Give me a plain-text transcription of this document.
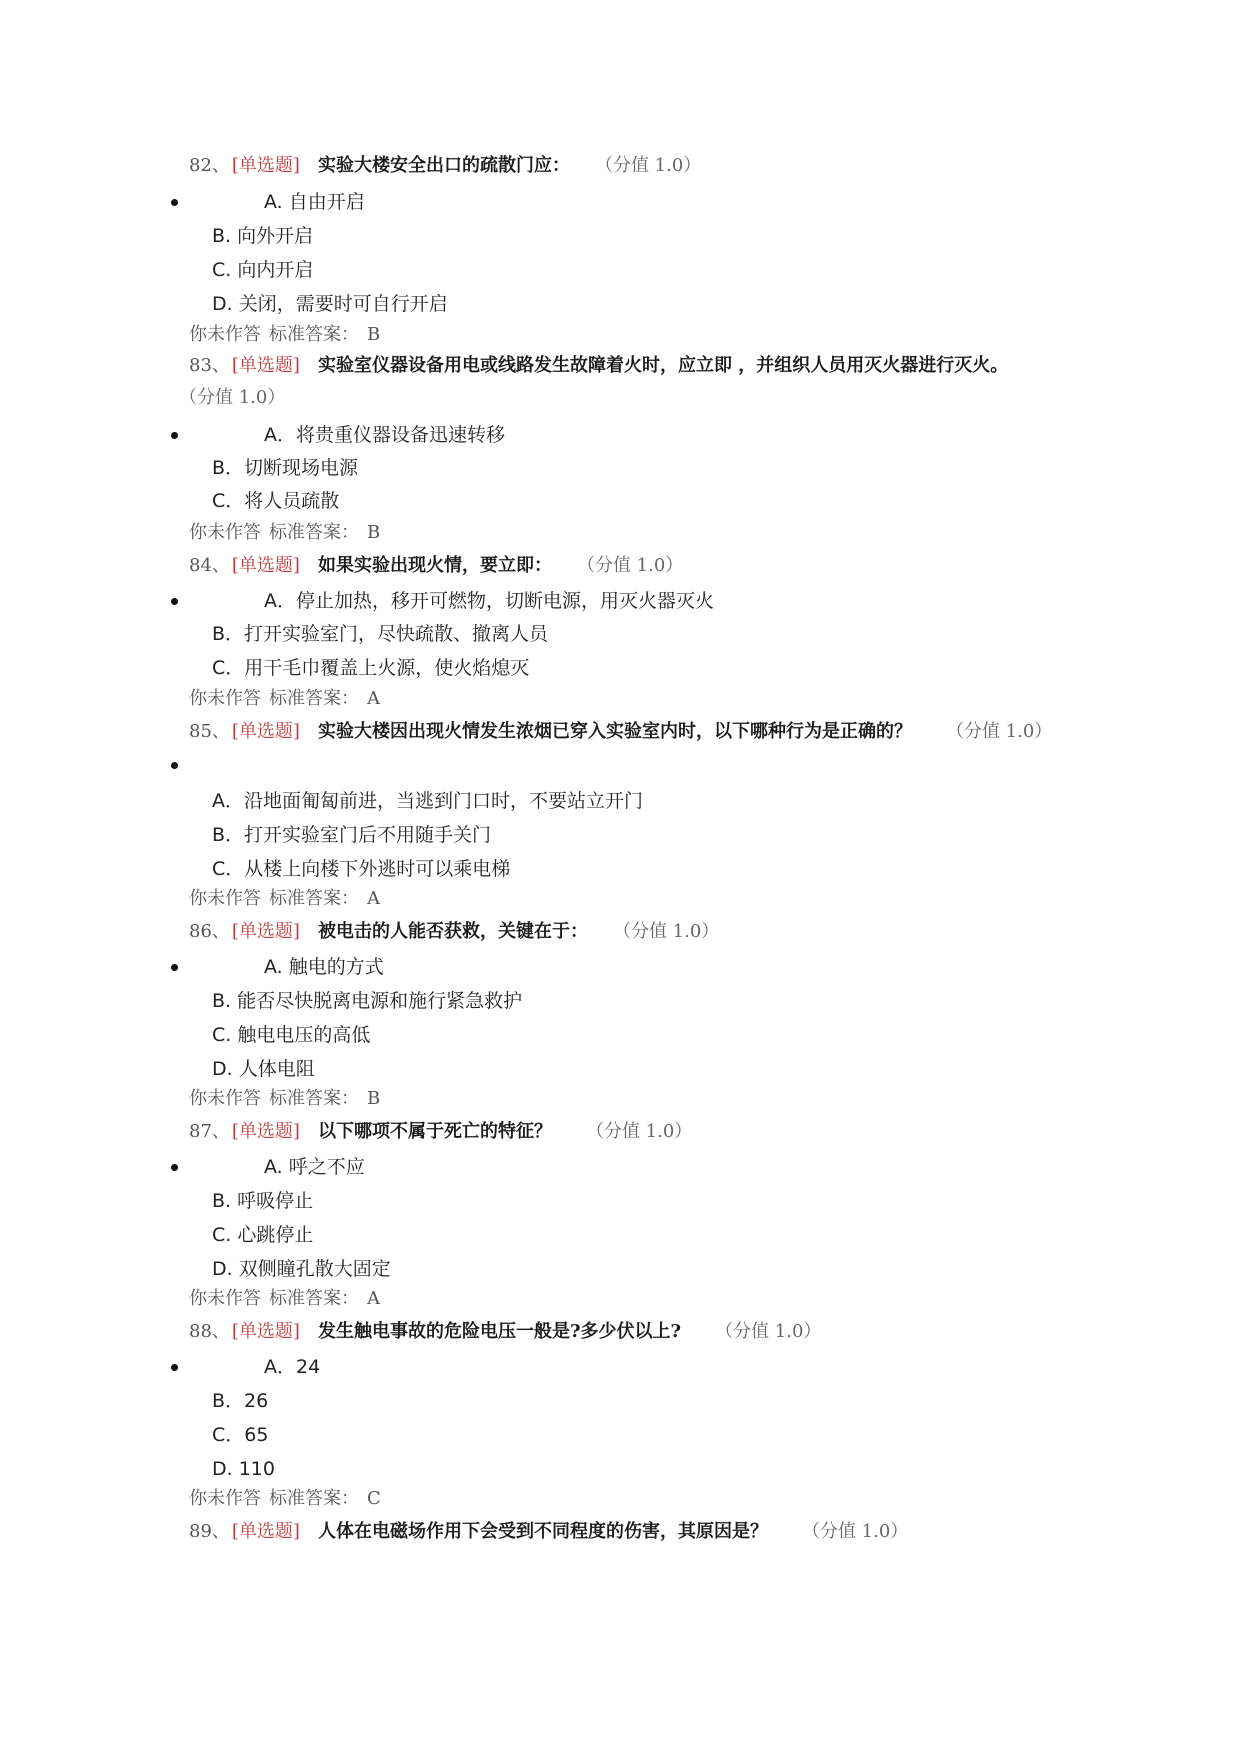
82、 [单选题] 实验大楼安全出口的疏散门应： （分值 1.0）
A. 自由开启
B. 向外开启
C. 向内开启
D. 关闭，需要时可自行开启
你未作答 标准答案： B
83、 [单选题] 实验室仪器设备用电或线路发生故障着火时，应立即 ，并组织人员用灭火器进行灭火。
（分值 1.0）
A．将贵重仪器设备迅速转移
B．切断现场电源
C．将人员疏散
你未作答 标准答案： B
84、 [单选题] 如果实验出现火情，要立即： （分值 1.0）
A．停止加热，移开可燃物，切断电源，用灭火器灭火
B．打开实验室门，尽快疏散、撤离人员
C．用干毛巾覆盖上火源，使火焰熄灭
你未作答 标准答案： A
85、 [单选题] 实验大楼因出现火情发生浓烟已穿入实验室内时，以下哪种行为是正确的？ （分值 1.0）
A．沿地面匍匐前进，当逃到门口时，不要站立开门
B．打开实验室门后不用随手关门
C．从楼上向楼下外逃时可以乘电梯
你未作答 标准答案： A
86、 [单选题] 被电击的人能否获救，关键在于： （分值 1.0）
A. 触电的方式
B. 能否尽快脱离电源和施行紧急救护
C. 触电电压的高低
D. 人体电阻
你未作答 标准答案： B
87、 [单选题] 以下哪项不属于死亡的特征？ （分值 1.0）
A. 呼之不应
B. 呼吸停止
C. 心跳停止
D. 双侧瞳孔散大固定
你未作答 标准答案： A
88、 [单选题] 发生触电事故的危险电压一般是?多少伏以上? （分值 1.0）
A．24
B．26
C．65
D. 110
你未作答 标准答案： C
89、 [单选题] 人体在电磁场作用下会受到不同程度的伤害，其原因是？ （分值 1.0）
